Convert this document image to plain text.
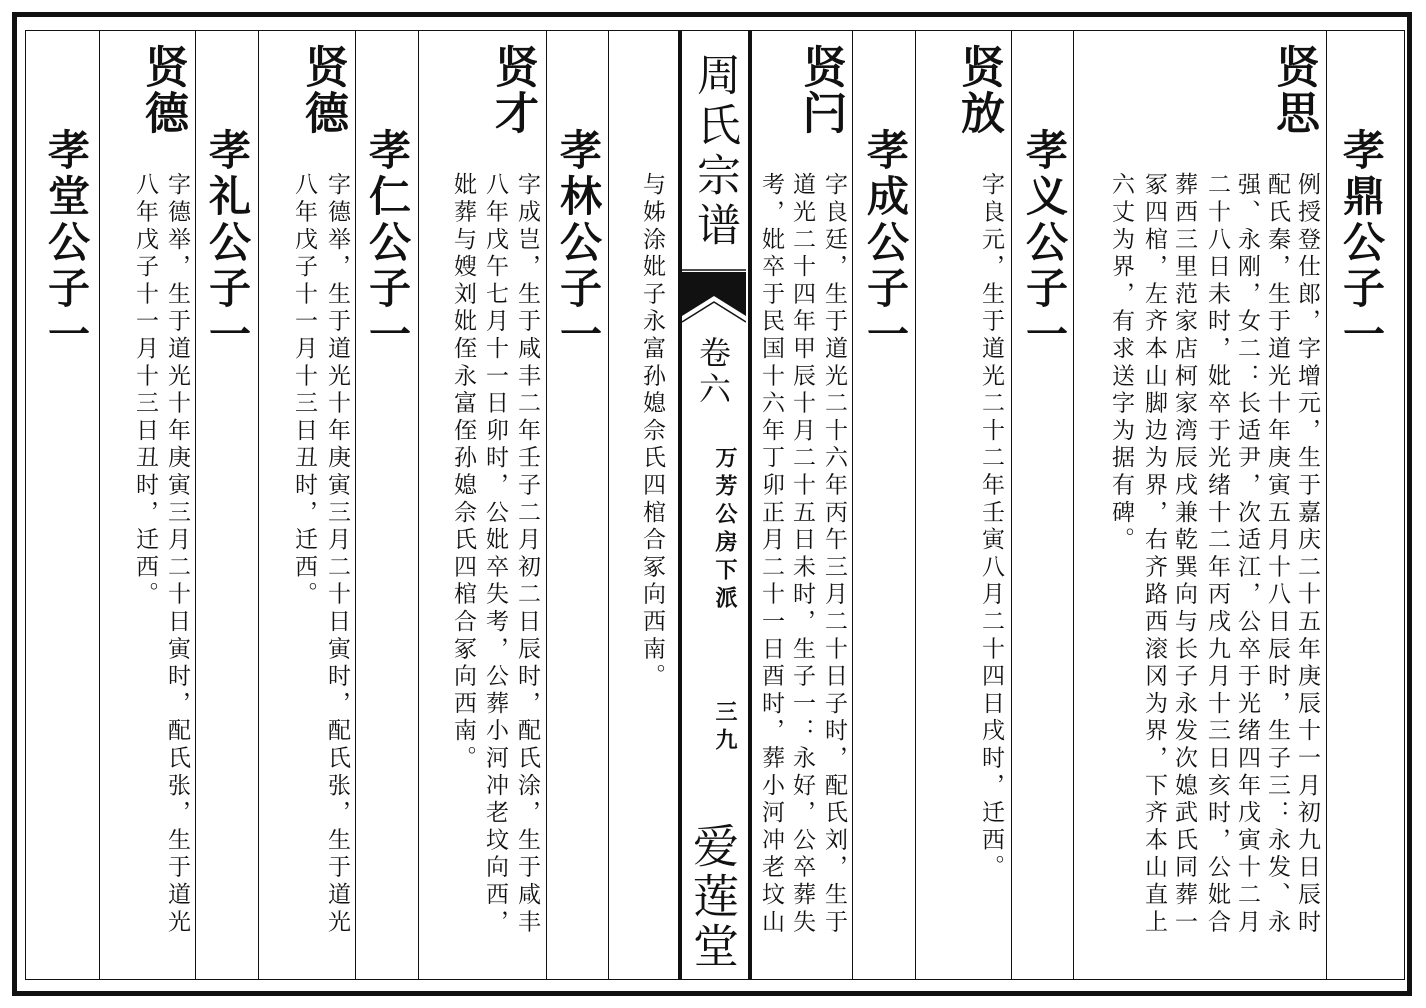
周氏宗谱
卷六
万芳公房下派
三九
爱莲堂
孝鼎公子一
贤思
例授登仕郎，字增元，生于嘉庆二十五年庚辰十一月初九日辰时
配氏秦，生于道光十年庚寅五月十八日辰时，生子三：永发、永
强、永刚，女二：长适尹，次适江，公卒于光绪四年戊寅十二月
二十八日未时，妣卒于光绪十二年丙戌九月十三日亥时，公妣合
葬西三里范家店柯家湾辰戌兼乾巽向与长子永发次媳武氏同葬一
冢四棺，左齐本山脚边为界，右齐路西滚冈为界，下齐本山直上
六丈为界，有求送字为据有碑。
孝义公子一
贤放
字良元，生于道光二十二年壬寅八月二十四日戌时，迁西。
孝成公子一
贤闩
字良廷，生于道光二十六年丙午三月二十日子时，配氏刘，生于
道光二十四年甲辰十月二十五日未时，生子一：永好，公卒葬失
考，妣卒于民国十六年丁卯正月二十一日酉时，葬小河冲老坟山
与姊涂妣子永富孙媳佘氏四棺合冢向西南。
孝林公子一
贤才
字成岂，生于咸丰二年壬子二月初二日辰时，配氏涂，生于咸丰
八年戊午七月十一日卯时，公妣卒失考，公葬小河冲老坟向西，
妣葬与嫂刘妣侄永富侄孙媳佘氏四棺合冢向西南。
孝仁公子一
贤德
字德举，生于道光十年庚寅三月二十日寅时，配氏张，生于道光
八年戊子十一月十三日丑时，迁西。
孝礼公子一
贤德
字德举，生于道光十年庚寅三月二十日寅时，配氏张，生于道光
八年戊子十一月十三日丑时，迁西。
孝堂公子一
